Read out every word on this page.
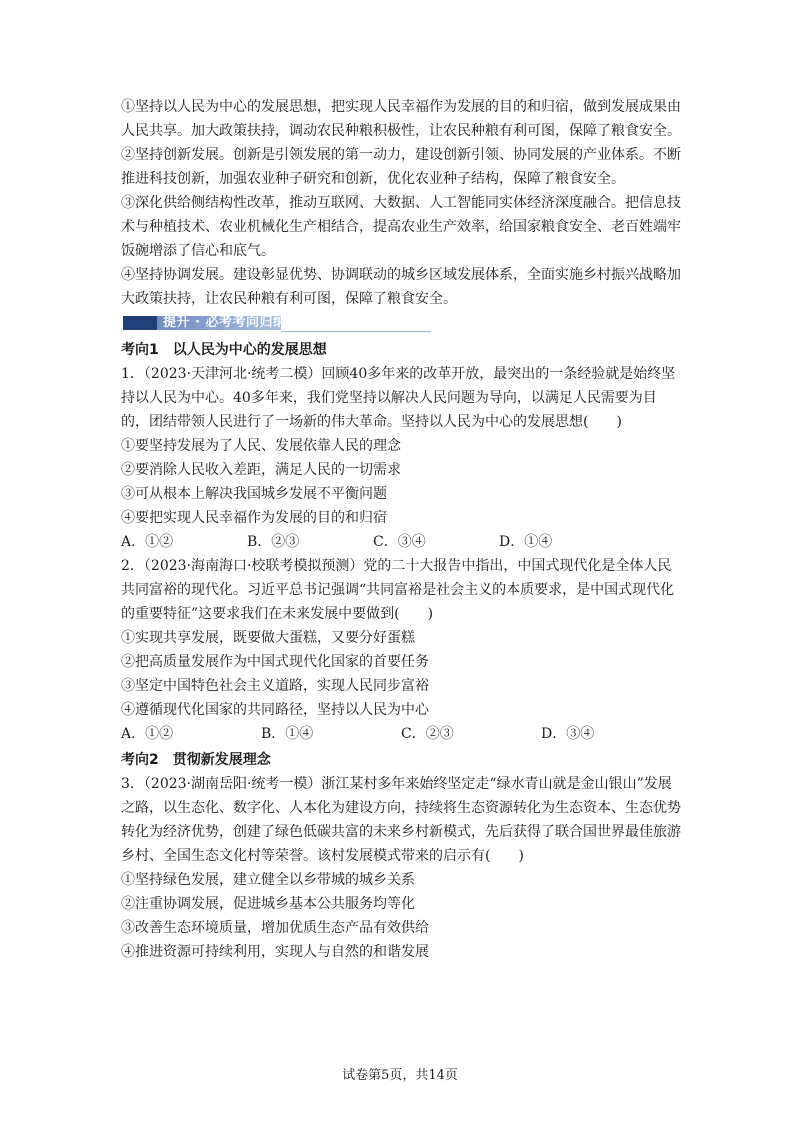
①坚持以人民为中心的发展思想，把实现人民幸福作为发展的目的和归宿，做到发展成果由人民共享。加大政策扶持，调动农民种粮积极性，让农民种粮有利可图，保障了粮食安全。

②坚持创新发展。创新是引领发展的第一动力，建设创新引领、协同发展的产业体系。不断推进科技创新，加强农业种子研究和创新，优化农业种子结构，保障了粮食安全。

③深化供给侧结构性改革，推动互联网、大数据、人工智能同实体经济深度融合。把信息技术与种植技术、农业机械化生产相结合，提高农业生产效率，给国家粮食安全、老百姓端牢饭碗增添了信心和底气。

④坚持协调发展。建设彰显优势、协调联动的城乡区域发展体系，全面实施乡村振兴战略加大政策扶持，让农民种粮有利可图，保障了粮食安全。

提升 · 必考考向归纳
考向1 以人民为中心的发展思想

1．（2023·天津河北·统考二模）回顾40多年来的改革开放，最突出的一条经验就是始终坚持以人民为中心。40多年来，我们党坚持以解决人民问题为导向，以满足人民需要为目的，团结带领人民进行了一场新的伟大革命。坚持以人民为中心的发展思想(　　)

①要坚持发展为了人民、发展依靠人民的理念

②要消除人民收入差距，满足人民的一切需求

③可从根本上解决我国城乡发展不平衡问题

④要把实现人民幸福作为发展的目的和归宿

A．①②	B．②③	C．③④	D．①④

2．（2023·海南海口·校联考模拟预测）党的二十大报告中指出，中国式现代化是全体人民共同富裕的现代化。习近平总书记强调“共同富裕是社会主义的本质要求，是中国式现代化的重要特征”这要求我们在未来发展中要做到(　　)

①实现共享发展，既要做大蛋糕，又要分好蛋糕

②把高质量发展作为中国式现代化国家的首要任务

③坚定中国特色社会主义道路，实现人民同步富裕

④遵循现代化国家的共同路径，坚持以人民为中心

A．①②	B．①④	C．②③	D．③④
考向2 贯彻新发展理念

3．（2023·湖南岳阳·统考一模）浙江某村多年来始终坚定走“绿水青山就是金山银山”发展之路，以生态化、数字化、人本化为建设方向，持续将生态资源转化为生态资本、生态优势转化为经济优势，创建了绿色低碳共富的未来乡村新模式，先后获得了联合国世界最佳旅游乡村、全国生态文化村等荣誉。该村发展模式带来的启示有(　　)

①坚持绿色发展，建立健全以乡带城的城乡关系

②注重协调发展，促进城乡基本公共服务均等化

③改善生态环境质量，增加优质生态产品有效供给

④推进资源可持续利用，实现人与自然的和谐发展

试卷第5页，共14页
